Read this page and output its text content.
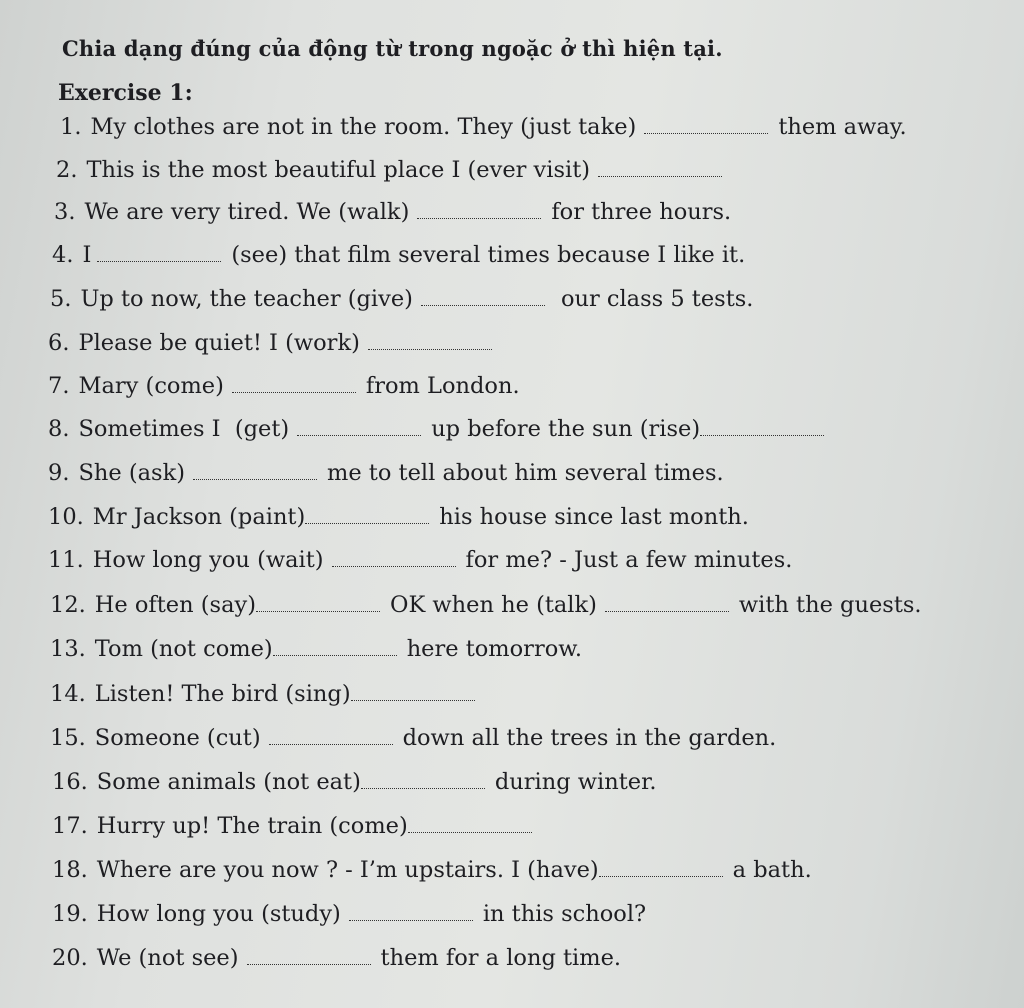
Chia dạng đúng của động từ trong ngoặc ở thì hiện tại.
Exercise 1:
1. My clothes are not in the room. They (just take)	them away.
2. This is the most beautiful place I (ever visit)
3. We are very tired. We (walk)	for three hours.
4. I	(see) that film several times because I like it.
5. Up to now, the teacher (give)	our class 5 tests.
6. Please be quiet! I (work)
7. Mary (come)	from London.
8. Sometimes I  (get)	up before the sun (rise)
9. She (ask)	me to tell about him several times.
10. Mr Jackson (paint)	his house since last month.
11. How long you (wait)	for me? - Just a few minutes.
12. He often (say)	OK when he (talk)	with the guests.
13. Tom (not come)	here tomorrow.
14. Listen! The bird (sing)
15. Someone (cut)	down all the trees in the garden.
16. Some animals (not eat)	during winter.
17. Hurry up! The train (come)
18. Where are you now ? - I’m upstairs. I (have)	a bath.
19. How long you (study)	in this school?
20. We (not see)	them for a long time.
